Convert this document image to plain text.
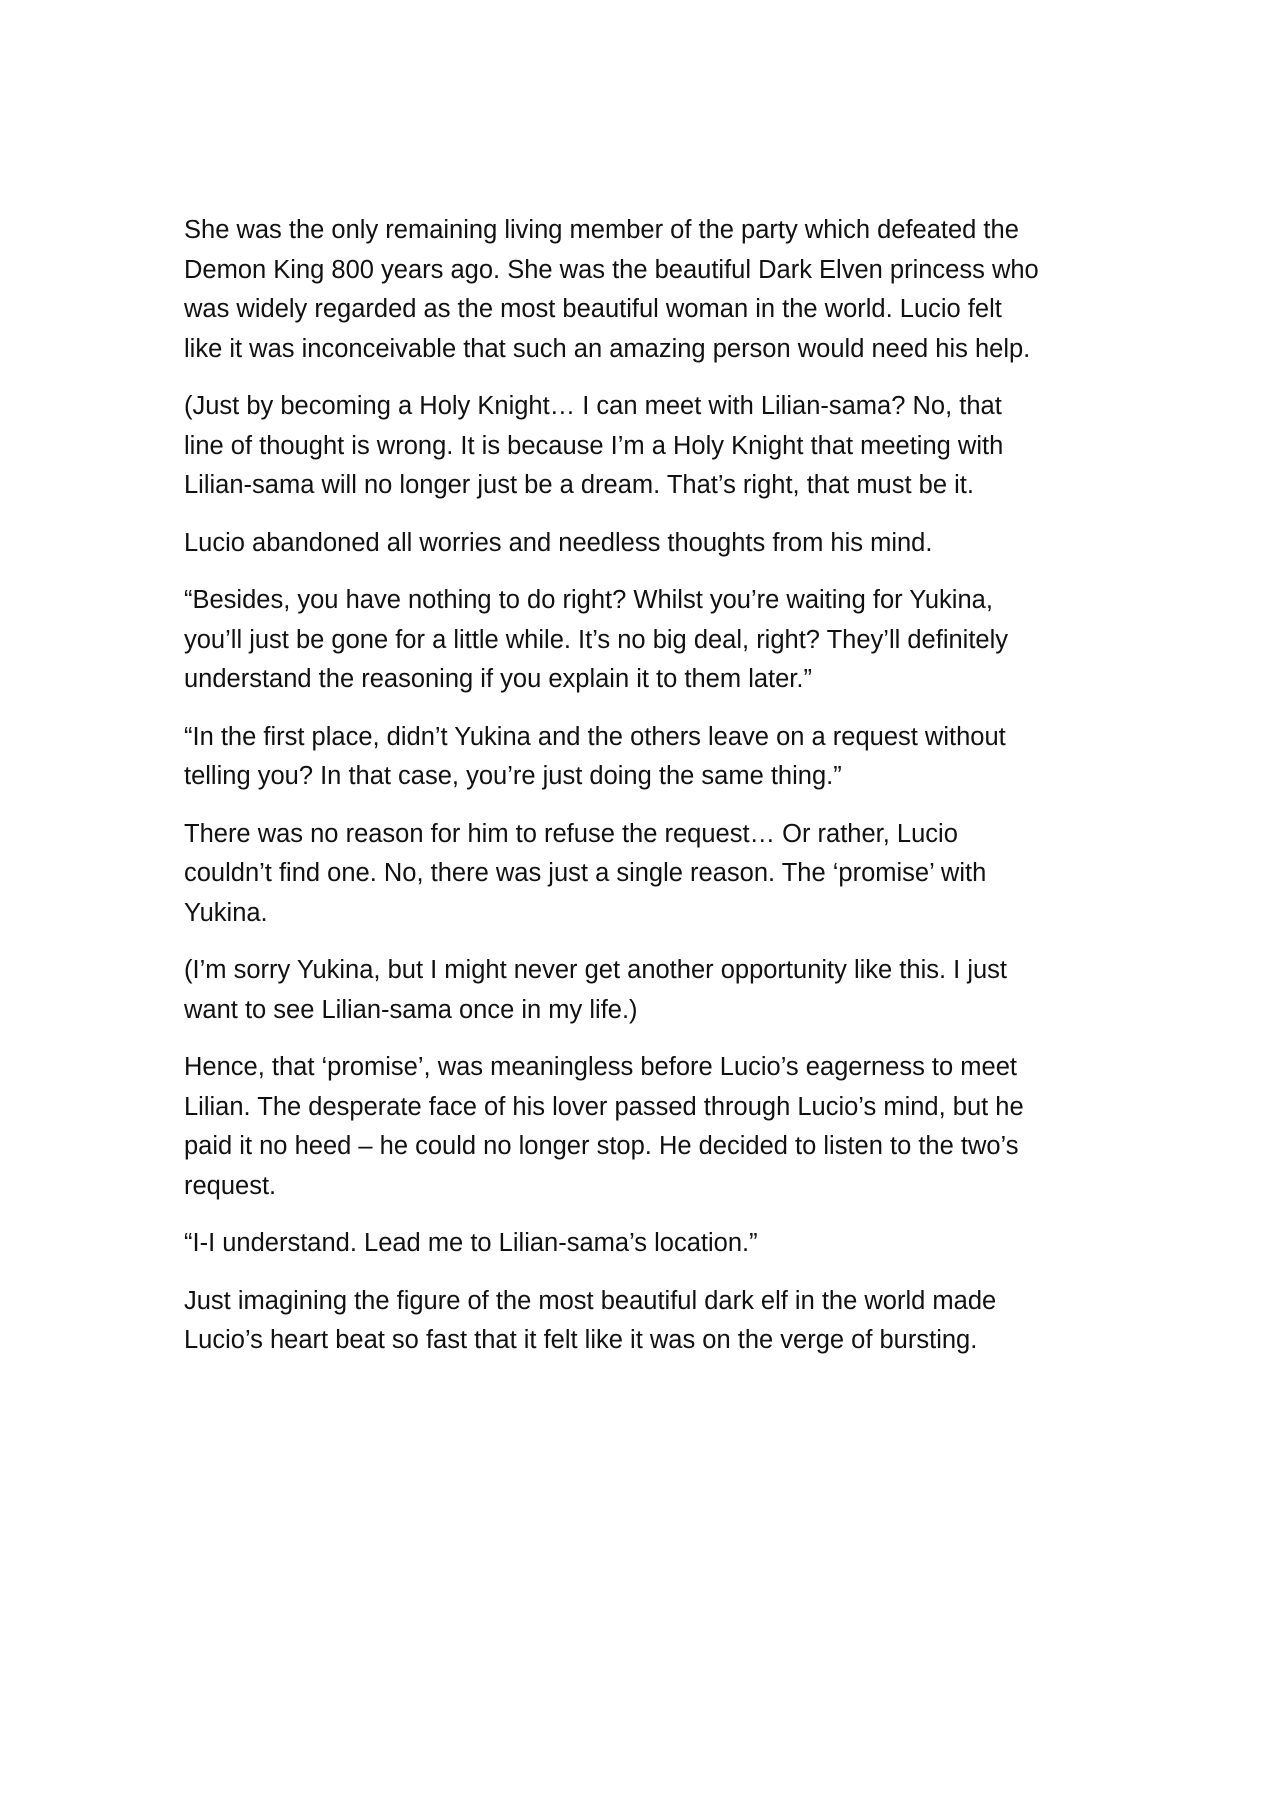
She was the only remaining living member of the party which defeated the
Demon King 800 years ago. She was the beautiful Dark Elven princess who
was widely regarded as the most beautiful woman in the world. Lucio felt
like it was inconceivable that such an amazing person would need his help.

(Just by becoming a Holy Knight… I can meet with Lilian-sama? No, that
line of thought is wrong. It is because I’m a Holy Knight that meeting with
Lilian-sama will no longer just be a dream. That’s right, that must be it.

Lucio abandoned all worries and needless thoughts from his mind.

“Besides, you have nothing to do right? Whilst you’re waiting for Yukina,
you’ll just be gone for a little while. It’s no big deal, right? They’ll definitely
understand the reasoning if you explain it to them later.”

“In the first place, didn’t Yukina and the others leave on a request without
telling you? In that case, you’re just doing the same thing.”

There was no reason for him to refuse the request… Or rather, Lucio
couldn’t find one. No, there was just a single reason. The ‘promise’ with
Yukina.

(I’m sorry Yukina, but I might never get another opportunity like this. I just
want to see Lilian-sama once in my life.)

Hence, that ‘promise’, was meaningless before Lucio’s eagerness to meet
Lilian. The desperate face of his lover passed through Lucio’s mind, but he
paid it no heed – he could no longer stop. He decided to listen to the two’s
request.

“I-I understand. Lead me to Lilian-sama’s location.”

Just imagining the figure of the most beautiful dark elf in the world made
Lucio’s heart beat so fast that it felt like it was on the verge of bursting.
